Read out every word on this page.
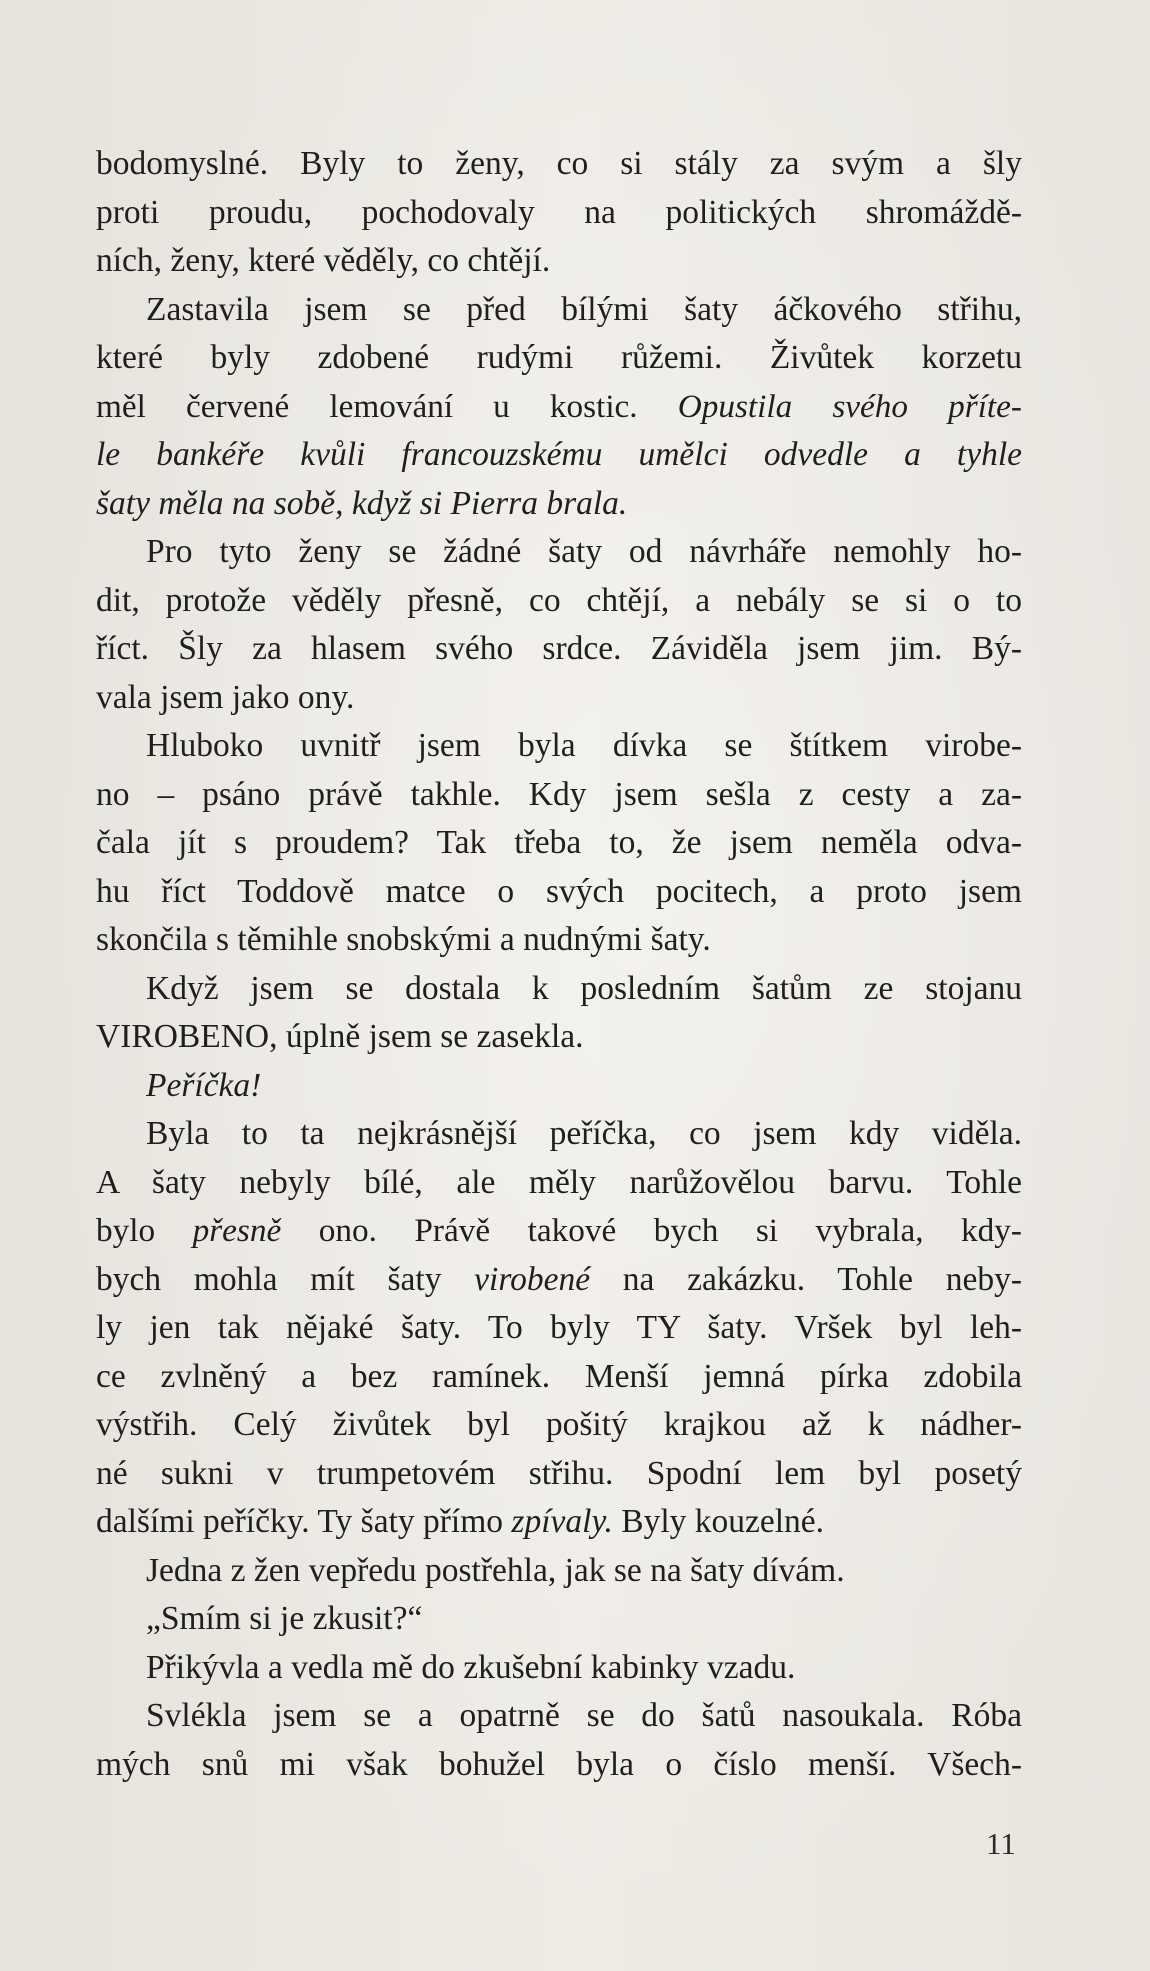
bodomyslné. Byly to ženy, co si stály za svým a šly
proti proudu, pochodovaly na politických shromáždě-
ních, ženy, které věděly, co chtějí.
Zastavila jsem se před bílými šaty áčkového střihu,
které byly zdobené rudými růžemi. Živůtek korzetu
měl červené lemování u kostic. Opustila svého příte-
le bankéře kvůli francouzskému umělci odvedle a tyhle
šaty měla na sobě, když si Pierra brala.
Pro tyto ženy se žádné šaty od návrháře nemohly ho-
dit, protože věděly přesně, co chtějí, a nebály se si o to
říct. Šly za hlasem svého srdce. Záviděla jsem jim. Bý-
vala jsem jako ony.
Hluboko uvnitř jsem byla dívka se štítkem virobe-
no – psáno právě takhle. Kdy jsem sešla z cesty a za-
čala jít s proudem? Tak třeba to, že jsem neměla odva-
hu říct Toddově matce o svých pocitech, a proto jsem
skončila s těmihle snobskými a nudnými šaty.
Když jsem se dostala k posledním šatům ze stojanu
VIROBENO, úplně jsem se zasekla.
Peříčka!
Byla to ta nejkrásnější peříčka, co jsem kdy viděla.
A šaty nebyly bílé, ale měly narůžovělou barvu. Tohle
bylo přesně ono. Právě takové bych si vybrala, kdy-
bych mohla mít šaty virobené na zakázku. Tohle neby-
ly jen tak nějaké šaty. To byly TY šaty. Vršek byl leh-
ce zvlněný a bez ramínek. Menší jemná pírka zdobila
výstřih. Celý živůtek byl pošitý krajkou až k nádher-
né sukni v trumpetovém střihu. Spodní lem byl posetý
dalšími peříčky. Ty šaty přímo zpívaly. Byly kouzelné.
Jedna z žen vepředu postřehla, jak se na šaty dívám.
„Smím si je zkusit?“
Přikývla a vedla mě do zkušební kabinky vzadu.
Svlékla jsem se a opatrně se do šatů nasoukala. Róba
mých snů mi však bohužel byla o číslo menší. Všech-
11
